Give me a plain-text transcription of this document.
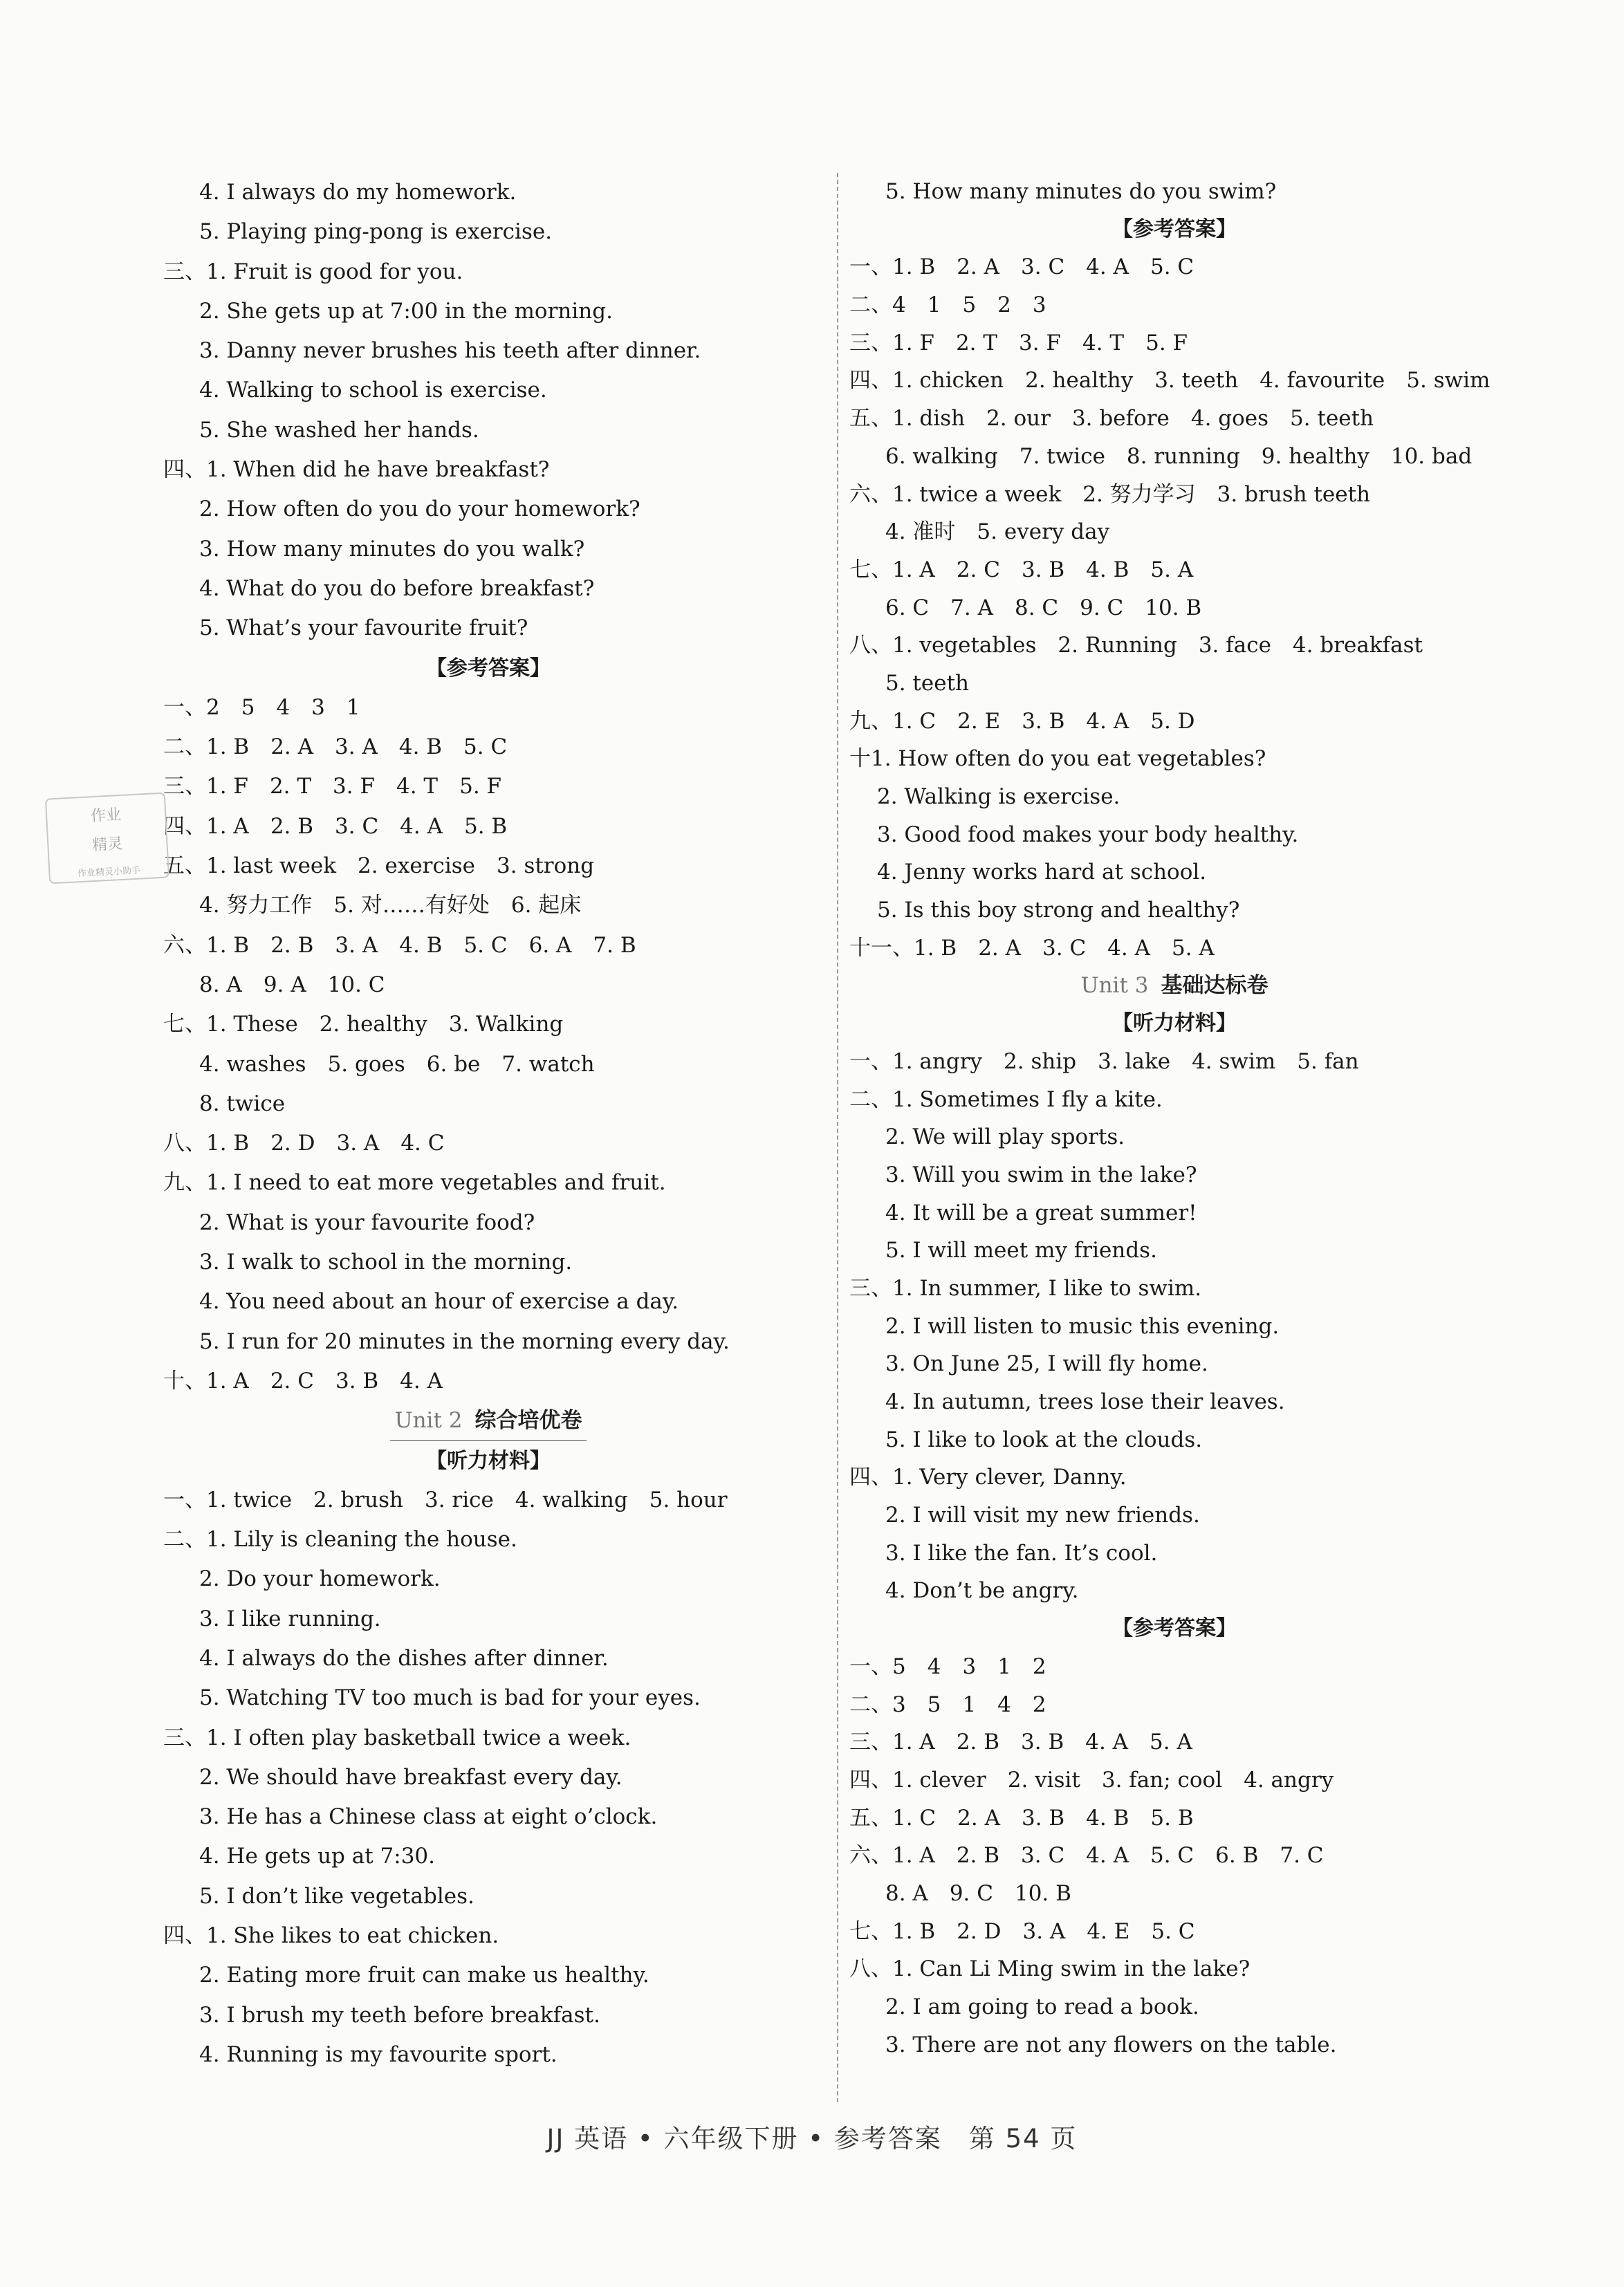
4. I always do my homework.
5. Playing ping-pong is exercise.
三、1. Fruit is good for you.
2. She gets up at 7:00 in the morning.
3. Danny never brushes his teeth after dinner.
4. Walking to school is exercise.
5. She washed her hands.
四、1. When did he have breakfast?
2. How often do you do your homework?
3. How many minutes do you walk?
4. What do you do before breakfast?
5. What’s your favourite fruit?
【参考答案】
一、2　5　4　3　1
二、1. B　2. A　3. A　4. B　5. C
三、1. F　2. T　3. F　4. T　5. F
四、1. A　2. B　3. C　4. A　5. B
五、1. last week　2. exercise　3. strong
4. 努力工作　5. 对……有好处　6. 起床
六、1. B　2. B　3. A　4. B　5. C　6. A　7. B
8. A　9. A　10. C
七、1. These　2. healthy　3. Walking
4. washes　5. goes　6. be　7. watch
8. twice
八、1. B　2. D　3. A　4. C
九、1. I need to eat more vegetables and fruit.
2. What is your favourite food?
3. I walk to school in the morning.
4. You need about an hour of exercise a day.
5. I run for 20 minutes in the morning every day.
十、1. A　2. C　3. B　4. A
Unit 2 综合培优卷
【听力材料】
一、1. twice　2. brush　3. rice　4. walking　5. hour
二、1. Lily is cleaning the house.
2. Do your homework.
3. I like running.
4. I always do the dishes after dinner.
5. Watching TV too much is bad for your eyes.
三、1. I often play basketball twice a week.
2. We should have breakfast every day.
3. He has a Chinese class at eight o’clock.
4. He gets up at 7:30.
5. I don’t like vegetables.
四、1. She likes to eat chicken.
2. Eating more fruit can make us healthy.
3. I brush my teeth before breakfast.
4. Running is my favourite sport.
5. How many minutes do you swim?
【参考答案】
一、1. B　2. A　3. C　4. A　5. C
二、4　1　5　2　3
三、1. F　2. T　3. F　4. T　5. F
四、1. chicken　2. healthy　3. teeth　4. favourite　5. swim
五、1. dish　2. our　3. before　4. goes　5. teeth
6. walking　7. twice　8. running　9. healthy　10. bad
六、1. twice a week　2. 努力学习　3. brush teeth
4. 准时　5. every day
七、1. A　2. C　3. B　4. B　5. A
6. C　7. A　8. C　9. C　10. B
八、1. vegetables　2. Running　3. face　4. breakfast
5. teeth
九、1. C　2. E　3. B　4. A　5. D
十1. How often do you eat vegetables?
2. Walking is exercise.
3. Good food makes your body healthy.
4. Jenny works hard at school.
5. Is this boy strong and healthy?
十一、1. B　2. A　3. C　4. A　5. A
Unit 3 基础达标卷
【听力材料】
一、1. angry　2. ship　3. lake　4. swim　5. fan
二、1. Sometimes I fly a kite.
2. We will play sports.
3. Will you swim in the lake?
4. It will be a great summer!
5. I will meet my friends.
三、1. In summer, I like to swim.
2. I will listen to music this evening.
3. On June 25, I will fly home.
4. In autumn, trees lose their leaves.
5. I like to look at the clouds.
四、1. Very clever, Danny.
2. I will visit my new friends.
3. I like the fan. It’s cool.
4. Don’t be angry.
【参考答案】
一、5　4　3　1　2
二、3　5　1　4　2
三、1. A　2. B　3. B　4. A　5. A
四、1. clever　2. visit　3. fan; cool　4. angry
五、1. C　2. A　3. B　4. B　5. B
六、1. A　2. B　3. C　4. A　5. C　6. B　7. C
8. A　9. C　10. B
七、1. B　2. D　3. A　4. E　5. C
八、1. Can Li Ming swim in the lake?
2. I am going to read a book.
3. There are not any flowers on the table.
作业
精灵
作业精灵小助手
JJ 英语 • 六年级下册 • 参考答案　第 54 页
